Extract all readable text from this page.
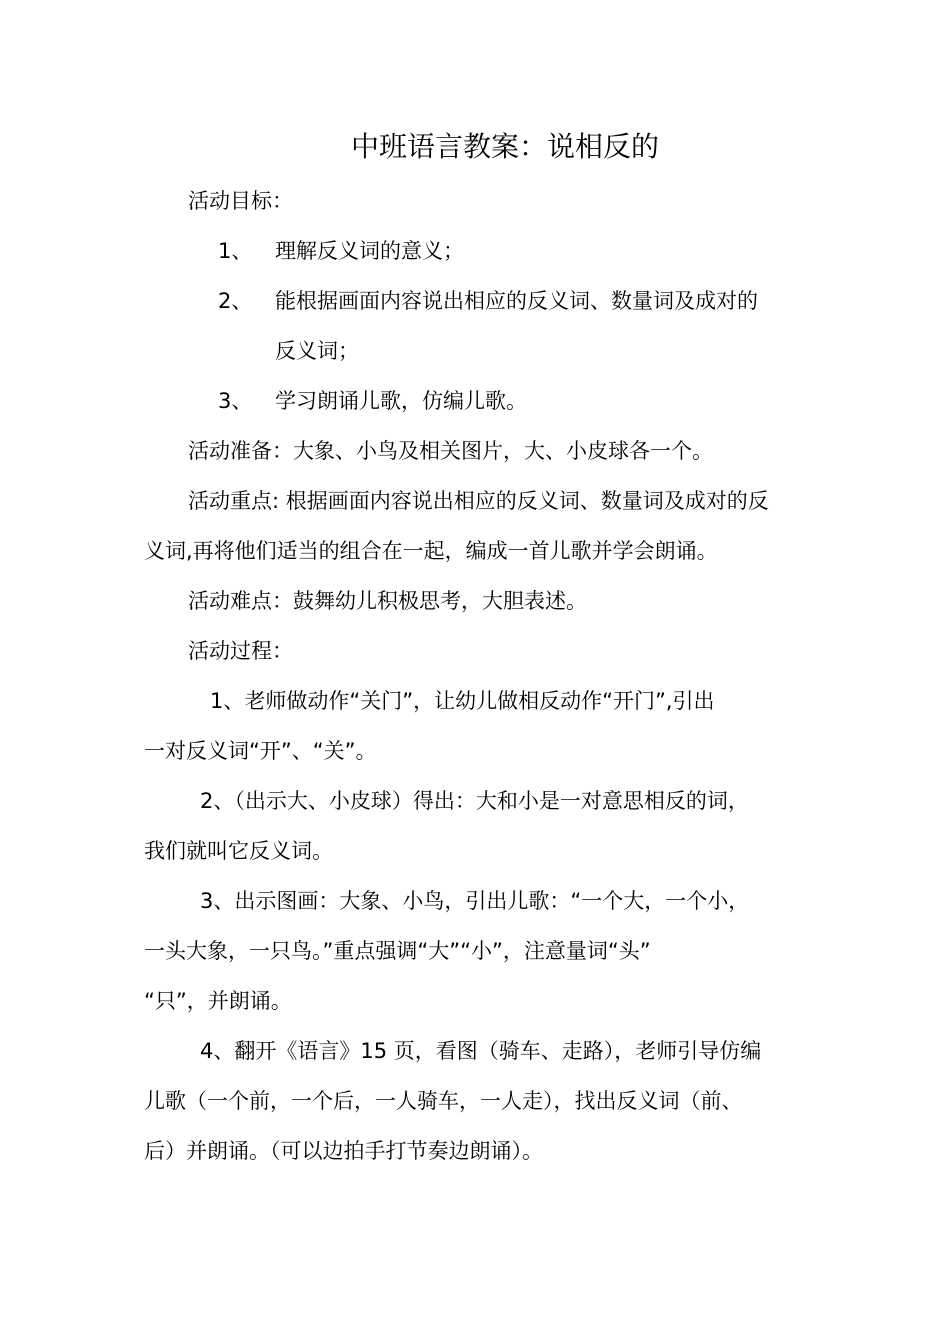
中班语言教案：说相反的
活动目标：
1、 理解反义词的意义；
2、 能根据画面内容说出相应的反义词、数量词及成对的
反义词；
3、 学习朗诵儿歌，仿编儿歌。
活动准备：大象、小鸟及相关图片，大、小皮球各一个。
活动重点: 根据画面内容说出相应的反义词、数量词及成对的反
义词,再将他们适当的组合在一起，编成一首儿歌并学会朗诵。
活动难点：鼓舞幼儿积极思考，大胆表述。
活动过程：
1、老师做动作“关门”，让幼儿做相反动作“开门”,引出
一对反义词“开”、“关”。
2、（出示大、小皮球）得出：大和小是一对意思相反的词，
我们就叫它反义词。
3、出示图画：大象、小鸟，引出儿歌：“一个大，一个小，
一头大象，一只鸟。”重点强调“大”“小”，注意量词“头”
“只”，并朗诵。
4、翻开《语言》15 页，看图（骑车、走路），老师引导仿编
儿歌（一个前，一个后，一人骑车，一人走），找出反义词（前、
后）并朗诵。（可以边拍手打节奏边朗诵）。
